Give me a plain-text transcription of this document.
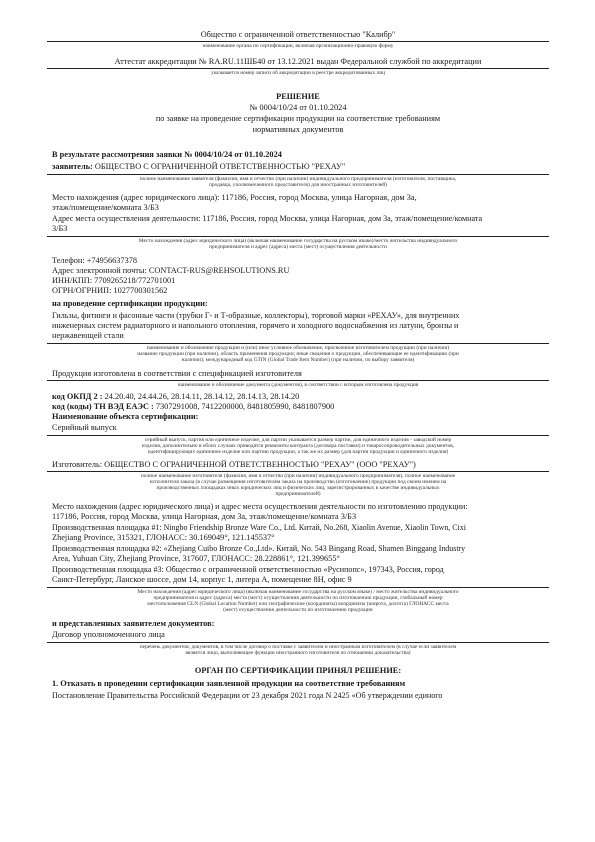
Общество с ограниченной ответственностью "Калибр"
наименование органа по сертификации, включая организационно-правовую форму
Аттестат аккредитации № RA.RU.11ШБ40 от 13.12.2021 выдан Федеральной службой по аккредитации
указывается номер записи об аккредитации в реестре аккредитованных лиц
РЕШЕНИЕ
№ 0004/10/24 от 01.10.2024
по заявке на проведение сертификации продукции на соответствие требованиям
нормативных документов
В результате рассмотрения заявки № 0004/10/24 от 01.10.2024
заявитель: ОБЩЕСТВО С ОГРАНИЧЕННОЙ ОТВЕТСТВЕННОСТЬЮ "РЕХАУ"
полное наименование заявителя (фамилия, имя и отчество (при наличии) индивидуального предпринимателя (изготовителя, поставщика,
продавца, уполномоченного представителя) для иностранных изготовителей)
Место нахождения (адрес юридического лица): 117186, Россия, город Москва, улица Нагорная, дом 3а,
этаж/помещение/комната 3/Б3
Адрес места осуществления деятельности: 117186, Россия, город Москва, улица Нагорная, дом 3а, этаж/помещение/комната
3/Б3
Место нахождения (адрес юридического лица) (включая наименование государства на русском языке)/место жительства индивидуального
предпринимателя и адрес (адреса) места (мест) осуществления деятельности
Телефон: +74956637378
Адрес электронной почты: CONTACT-RUS@REHSOLUTIONS.RU
ИНН/КПП: 7709265218/772701001
ОГРН/ОГРНИП: 1027700301562
на проведение сертификации продукции:
Гильзы, фитинги и фасонные части (трубки Г- и Т-образные, коллекторы), торговой марки «РЕХАУ», для внутренних
инженерных систем радиаторного и напольного отопления, горячего и холодного водоснабжения из латуни, бронзы и
нержавеющей стали
наименование и обозначение продукции и (или) иное условное обозначение, присвоенное изготовителем продукции (при наличии)
название продукции (при наличии), область применения продукции; иные сведения о продукции, обеспечивающие ее идентификацию (при
наличии); международный код GTIN (Global Trade Item Number) (при наличии, по выбору заявителя)
Продукция изготовлена в соответствии с спецификацией изготовителя
наименование и обозначение документа (документов), в соответствии с которым изготовлена продукция
код ОКПД 2 : 24.20.40, 24.44.26, 28.14.11, 28.14.12, 28.14.13, 28.14.20
код (коды) ТН ВЭД ЕАЭС : 7307291008, 7412200000, 8481805990, 8481807900
Наименование объекта сертификации:
Серийный выпуск
серийный выпуск, партия или единичное изделие, для партии указывается размер партии, для единичного изделия - заводской номер
изделия, дополнительно в обоих случаях приводятся реквизиты контракта (договора поставки) и товаросопроводительных документов,
идентифицирующих единичное изделие или партию продукции, а так же их размер (для партии продукции и единичного изделия)
Изготовитель: ОБЩЕСТВО С ОГРАНИЧЕННОЙ ОТВЕТСТВЕННОСТЬЮ "РЕХАУ" (ООО "РЕХАУ")
полное наименование изготовителя (фамилия, имя и отчество (при наличии) индивидуального предпринимателя), полное наименование
исполнителя заказа (в случае размещения изготовителем заказа на производство (изготовление) продукции под своим именем на
производственных площадках иных юридических лиц и физических лиц, зарегистрированных в качестве индивидуальных
предпринимателей)
Место нахождения (адрес юридического лица) и адрес места осуществления деятельности по изготовлению продукции:
117186, Россия, город Москва, улица Нагорная, дом 3а, этаж/помещение/комната 3/Б3
Производственная площадка #1: Ningbo Friendship Bronze Ware Co., Ltd. Китай, No.268, Xiaolin Avenue, Xiaolin Town, Cixi
Zhejiang Province, 315321, ГЛОНАСС: 30.169049°, 121.145537°
Производственная площадка #2: «Zhejiang Cuibo Bronze Co.,Ltd». Китай, No. 543 Bingang Road, Shamen Binggang Industry
Area, Yuhuan City, Zhejiang Province, 317607, ГЛОНАСС: 28.228861°, 121.399655°
Производственная площадка #3: Общество с ограниченной ответственностью «Русипопс», 197343, Россия, город
Санкт-Петербург, Ланское шоссе, дом 14, корпус 1, литера А, помещение 8Н, офис 9
Место нахождения (адрес юридического лица) (включая наименование государства на русском языке) / место жительства индивидуального
предпринимателя и адрес (адреса) места (мест) осуществления деятельности по изготовлению продукции, глобальный номер
местоположения GLN (Global Location Number) или географические (координаты) координаты (широта, долгота) ГЛОНАСС места
(мест) осуществления деятельности по изготовлению продукции
и представленных заявителем документов:
Договор уполномоченного лица
перечень документов, документов, в том числе договор о поставке с заявителем и иностранным изготовителем (в случае если заявителем
является лицо, выполняющее функции иностранного изготовителя по отношении доказательства)
ОРГАН ПО СЕРТИФИКАЦИИ ПРИНЯЛ РЕШЕНИЕ:
1. Отказать в проведении сертификации заявленной продукции на соответствие требованиям
Постановление Правительства Российской Федерации от 23 декабря 2021 года N 2425 «Об утверждении единого
